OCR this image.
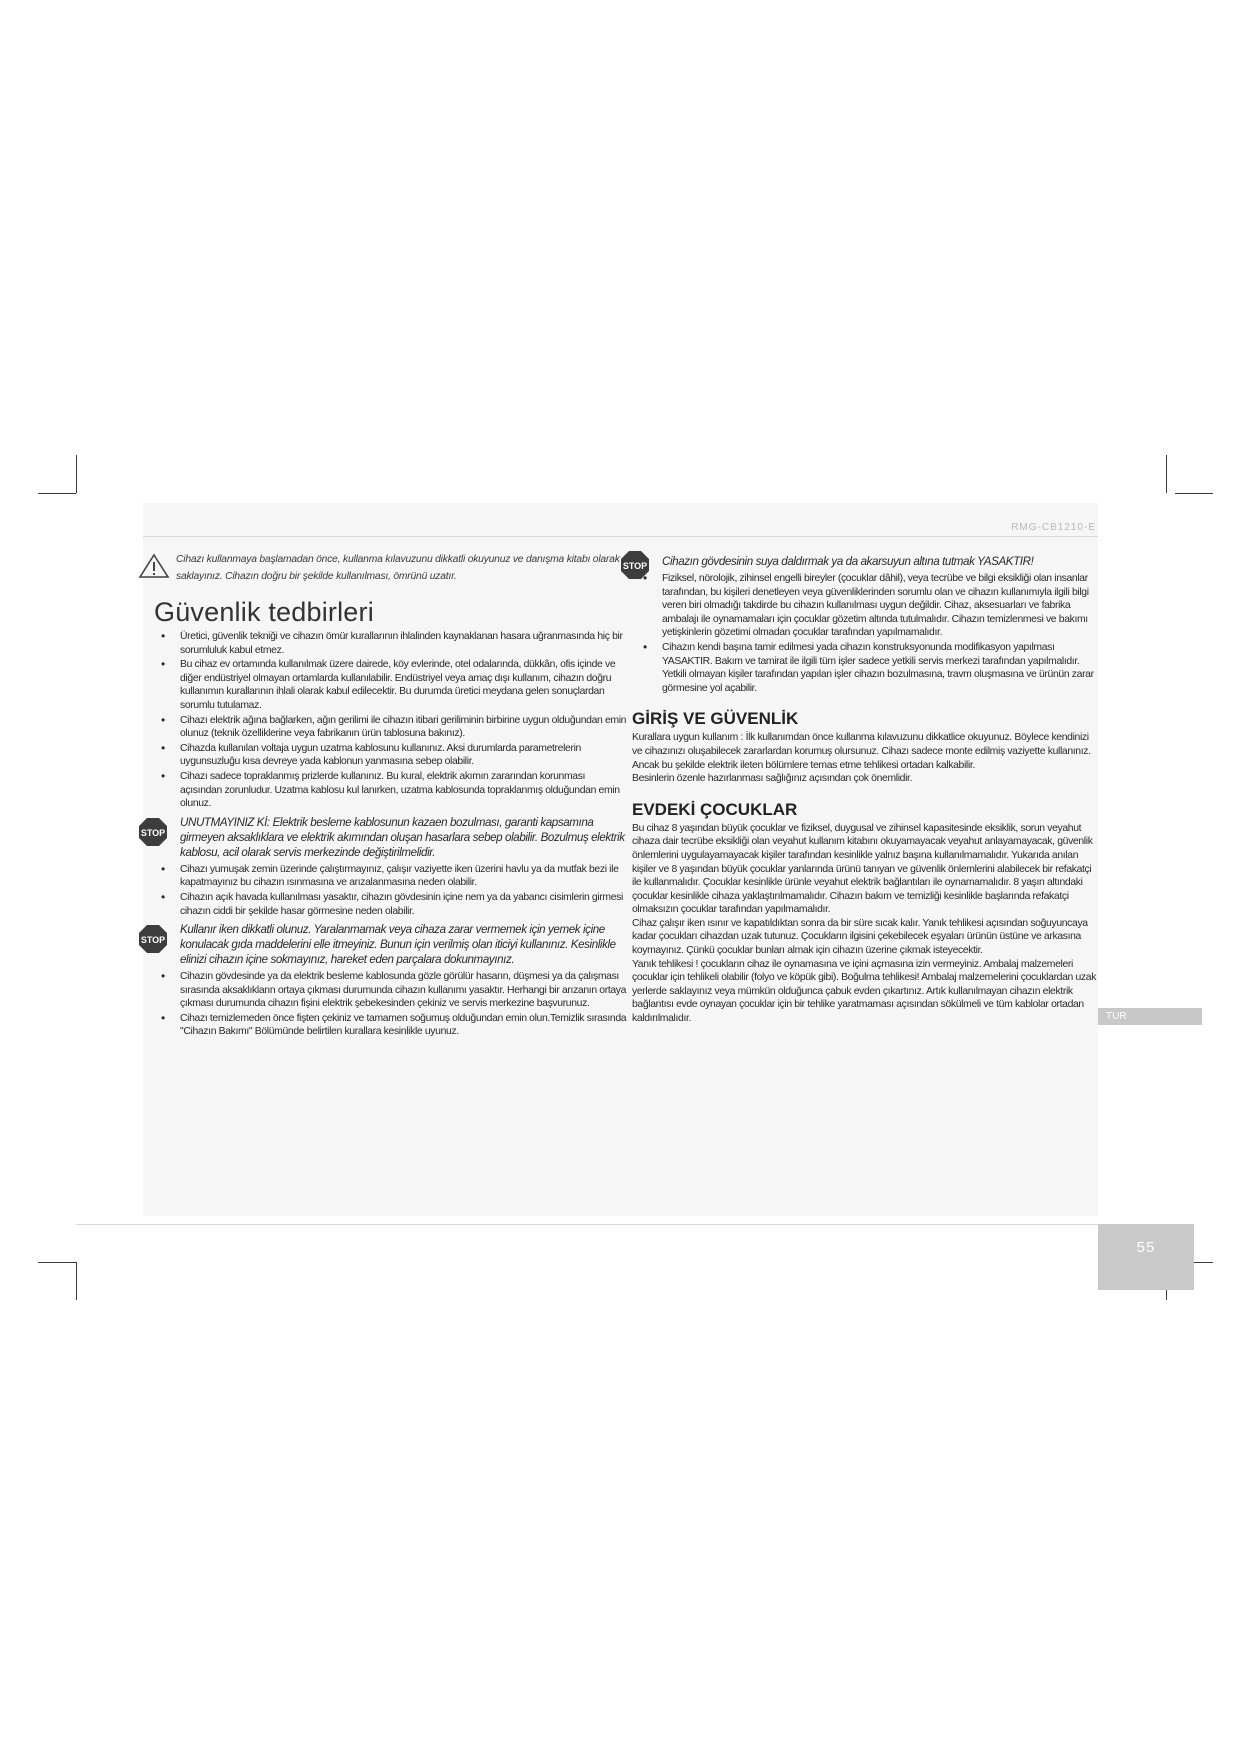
RMG-CB1210-E
Cihazı kullanmaya başlamadan önce, kullanma kılavuzunu dikkatli okuyunuz ve danışma kitabı olarak saklayınız. Cihazın doğru bir şekilde kullanılması, ömrünü uzatır.
Güvenlik tedbirleri
• Üretici, güvenlik tekniği ve cihazın ömür kurallarının ihlalinden kaynaklanan hasara uğranmasında hiç bir sorumluluk kabul etmez.
• Bu cihaz ev ortamında kullanılmak üzere dairede, köy evlerinde, otel odalarında, dükkân, ofis içinde ve diğer endüstriyel olmayan ortamlarda kullanılabilir. Endüstriyel veya amaç dışı kullanım, cihazın doğru kullanımın kurallarının ihlali olarak kabul edilecektir. Bu durumda üretici meydana gelen sonuçlardan sorumlu tutulamaz.
• Cihazı elektrik ağına bağlarken, ağın gerilimi ile cihazın itibari geriliminin birbirine uygun olduğundan emin olunuz (teknik özelliklerine veya fabrikanın ürün tablosuna bakınız).
• Cihazda kullanılan voltaja uygun uzatma kablosunu kullanınız. Aksi durumlarda parametrelerin uygunsuzluğu kısa devreye yada kablonun yanmasına sebep olabilir.
• Cihazı sadece topraklanmış prizlerde kullanınız. Bu kural, elektrik akımın zararından korunması açısından zorunludur. Uzatma kablosu kul lanırken, uzatma kablosunda topraklanmış olduğundan emin olunuz.
STOP
UNUTMAYINIZ Kİ: Elektrik besleme kablosunun kazaen bozulması, garanti kapsamına girmeyen aksaklıklara ve elektrik akımından oluşan hasarlara sebep olabilir. Bozulmuş elektrik kablosu, acil olarak servis merkezinde değiştirilmelidir.
• Cihazı yumuşak zemin üzerinde çalıştırmayınız, çalışır vaziyette iken üzerini havlu ya da mutfak bezi ile kapatmayınız bu cihazın ısınmasına ve arızalanmasına neden olabilir.
• Cihazın açık havada kullanılması yasaktır, cihazın gövdesinin içine nem ya da yabancı cisimlerin girmesi cihazın ciddi bir şekilde hasar görmesine neden olabilir.
STOP
Kullanır iken dikkatli olunuz. Yaralanmamak veya cihaza zarar vermemek için yemek içine konulacak gıda maddelerini elle itmeyiniz. Bunun için verilmiş olan iticiyi kullanınız. Kesinlikle elinizi cihazın içine sokmayınız, hareket eden parçalara dokunmayınız.
• Cihazın gövdesinde ya da elektrik besleme kablosunda gözle görülür hasarın, düşmesi ya da çalışması sırasında aksaklıkların ortaya çıkması durumunda cihazın kullanımı yasaktır. Herhangi bir arızanın ortaya çıkması durumunda cihazın fişini elektrik şebekesinden çekiniz ve servis merkezine başvurunuz.
• Cihazı temizlemeden önce fişten çekiniz ve tamamen soğumuş olduğundan emin olun.Temizlik sırasında "Cihazın Bakımı" Bölümünde belirtilen kurallara kesinlikle uyunuz.
STOP Cihazın gövdesinin suya daldırmak ya da akarsuyun altına tutmak YASAKTIR!
• Fiziksel, nörolojik, zihinsel engelli bireyler (çocuklar dâhil), veya tecrübe ve bilgi eksikliği olan insanlar tarafından, bu kişileri denetleyen veya güvenliklerinden sorumlu olan ve cihazın kullanımıyla ilgili bilgi veren biri olmadığı takdirde bu cihazın kullanılması uygun değildir. Cihaz, aksesuarları ve fabrika ambalajı ile oynamamaları için çocuklar gözetim altında tutulmalıdır. Cihazın temizlenmesi ve bakımı yetişkinlerin gözetimi olmadan çocuklar tarafından yapılmamalıdır.
• Cihazın kendi başına tamir edilmesi yada cihazın konstruksyonunda modifikasyon yapılması YASAKTIR. Bakım ve tamirat ile ilgili tüm işler sadece yetkili servis merkezi tarafından yapılmalıdır. Yetkili olmayan kişiler tarafından yapılan işler cihazın bozulmasına, travm oluşmasına ve ürünün zarar görmesine yol açabilir.
GİRİŞ VE GÜVENLİK

Kurallara uygun kullanım : İlk kullanımdan önce kullanma kılavuzunu dikkatlice okuyunuz. Böylece kendinizi ve cihazınızı oluşabilecek zararlardan korumuş olursunuz. Cihazı sadece monte edilmiş vaziyette kullanınız. Ancak bu şekilde elektrik ileten bölümlere temas etme tehlikesi ortadan kalkabilir.

Besinlerin özenle hazırlanması sağlığınız açısından çok önemlidir.

EVDEKİ ÇOCUKLAR

Bu cihaz 8 yaşından büyük çocuklar ve fiziksel, duygusal ve zihinsel kapasitesinde eksiklik, sorun veyahut cihaza dair tecrübe eksikliği olan veyahut kullanım kitabını okuyamayacak veyahut anlayamayacak, güvenlik önlemlerini uygulayamayacak kişiler tarafından kesinlikle yalnız başına kullanılmamalıdır. Yukarıda anılan kişiler ve 8 yaşından büyük çocuklar yanlarında ürünü tanıyan ve güvenlik önlemlerini alabilecek bir refakatçi ile kullanmalıdır. Çocuklar kesinlikle ürünle veyahut elektrik bağlantıları ile oynamamalıdır. 8 yaşın altındaki çocuklar kesinlikle cihaza yaklaştırılmamalıdır. Cihazın bakım ve temizliği kesinlikle başlarında refakatçi olmaksızın çocuklar tarafından yapılmamalıdır.

Cihaz çalışır iken ısınır ve kapatıldıktan sonra da bir süre sıcak kalır. Yanık tehlikesi açısından soğuyuncaya kadar çocukları cihazdan uzak tutunuz. Çocukların ilgisini çekebilecek eşyaları ürünün üstüne ve arkasına koymayınız. Çünkü çocuklar bunları almak için cihazın üzerine çıkmak isteyecektir.

Yanık tehlikesi ! çocukların cihaz ile oynamasına ve içini açmasına izin vermeyiniz. Ambalaj malzemeleri çocuklar için tehlikeli olabilir (folyo ve köpük gibi). Boğulma tehlikesi! Ambalaj malzemelerini çocuklardan uzak yerlerde saklayınız veya mümkün olduğunca çabuk evden çıkartınız. Artık kullanılmayan cihazın elektrik bağlantısı evde oynayan çocuklar için bir tehlike yaratmaması açısından sökülmeli ve tüm kablolar ortadan kaldırılmalıdır.	TUR
55
